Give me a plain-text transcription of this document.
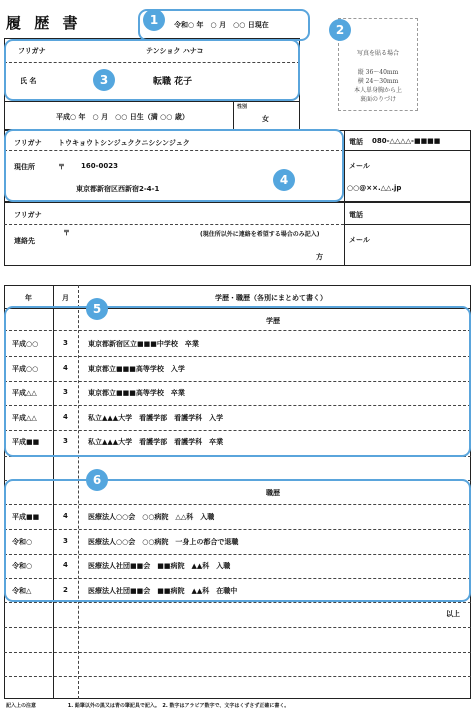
履 歴 書	令和○ 年　○ 月　○○ 日現在
写真を貼る場合
縦 36〜40mm
横 24〜30mm
本人単身胸から上
裏面のりづけ
フリガナ	テンショク ハナコ
氏 名	転職 花子
平成○ 年　○ 月　○○ 日生（満 ○○ 歳）
性別
女
フリガナ トウキョウトシンジュククニシシンジュク
現住所	〒 160-0023
東京都新宿区西新宿2-4-1
電話 080-△△△△-■■■■
メール
○○@××.△△.jp
フリガナ
連絡先
〒	(現住所以外に連絡を希望する場合のみ記入)
方
電話
メール
年	月	学歴・職歴（各別にまとめて書く）
学歴
平成○○	3	東京都新宿区立■■■中学校　卒業
平成○○	4	東京都立■■■高等学校　入学
平成△△	3	東京都立■■■高等学校　卒業
平成△△	4	私立▲▲▲大学　看護学部　看護学科　入学
平成■■	3	私立▲▲▲大学　看護学部　看護学科　卒業
職歴
平成■■	4	医療法人○○会　○○病院　△△科　入職
令和○	3	医療法人○○会　○○病院　一身上の都合で退職
令和○	4	医療法人社団■■会　■■病院　▲▲科　入職
令和△	2	医療法人社団■■会　■■病院　▲▲科　在職中
以上
記入上の注意	1. 鉛筆以外の黒又は青の筆記具で記入。　2. 数字はアラビア数字で、文字はくずさず正確に書く。
1
2
3
4
5
6
